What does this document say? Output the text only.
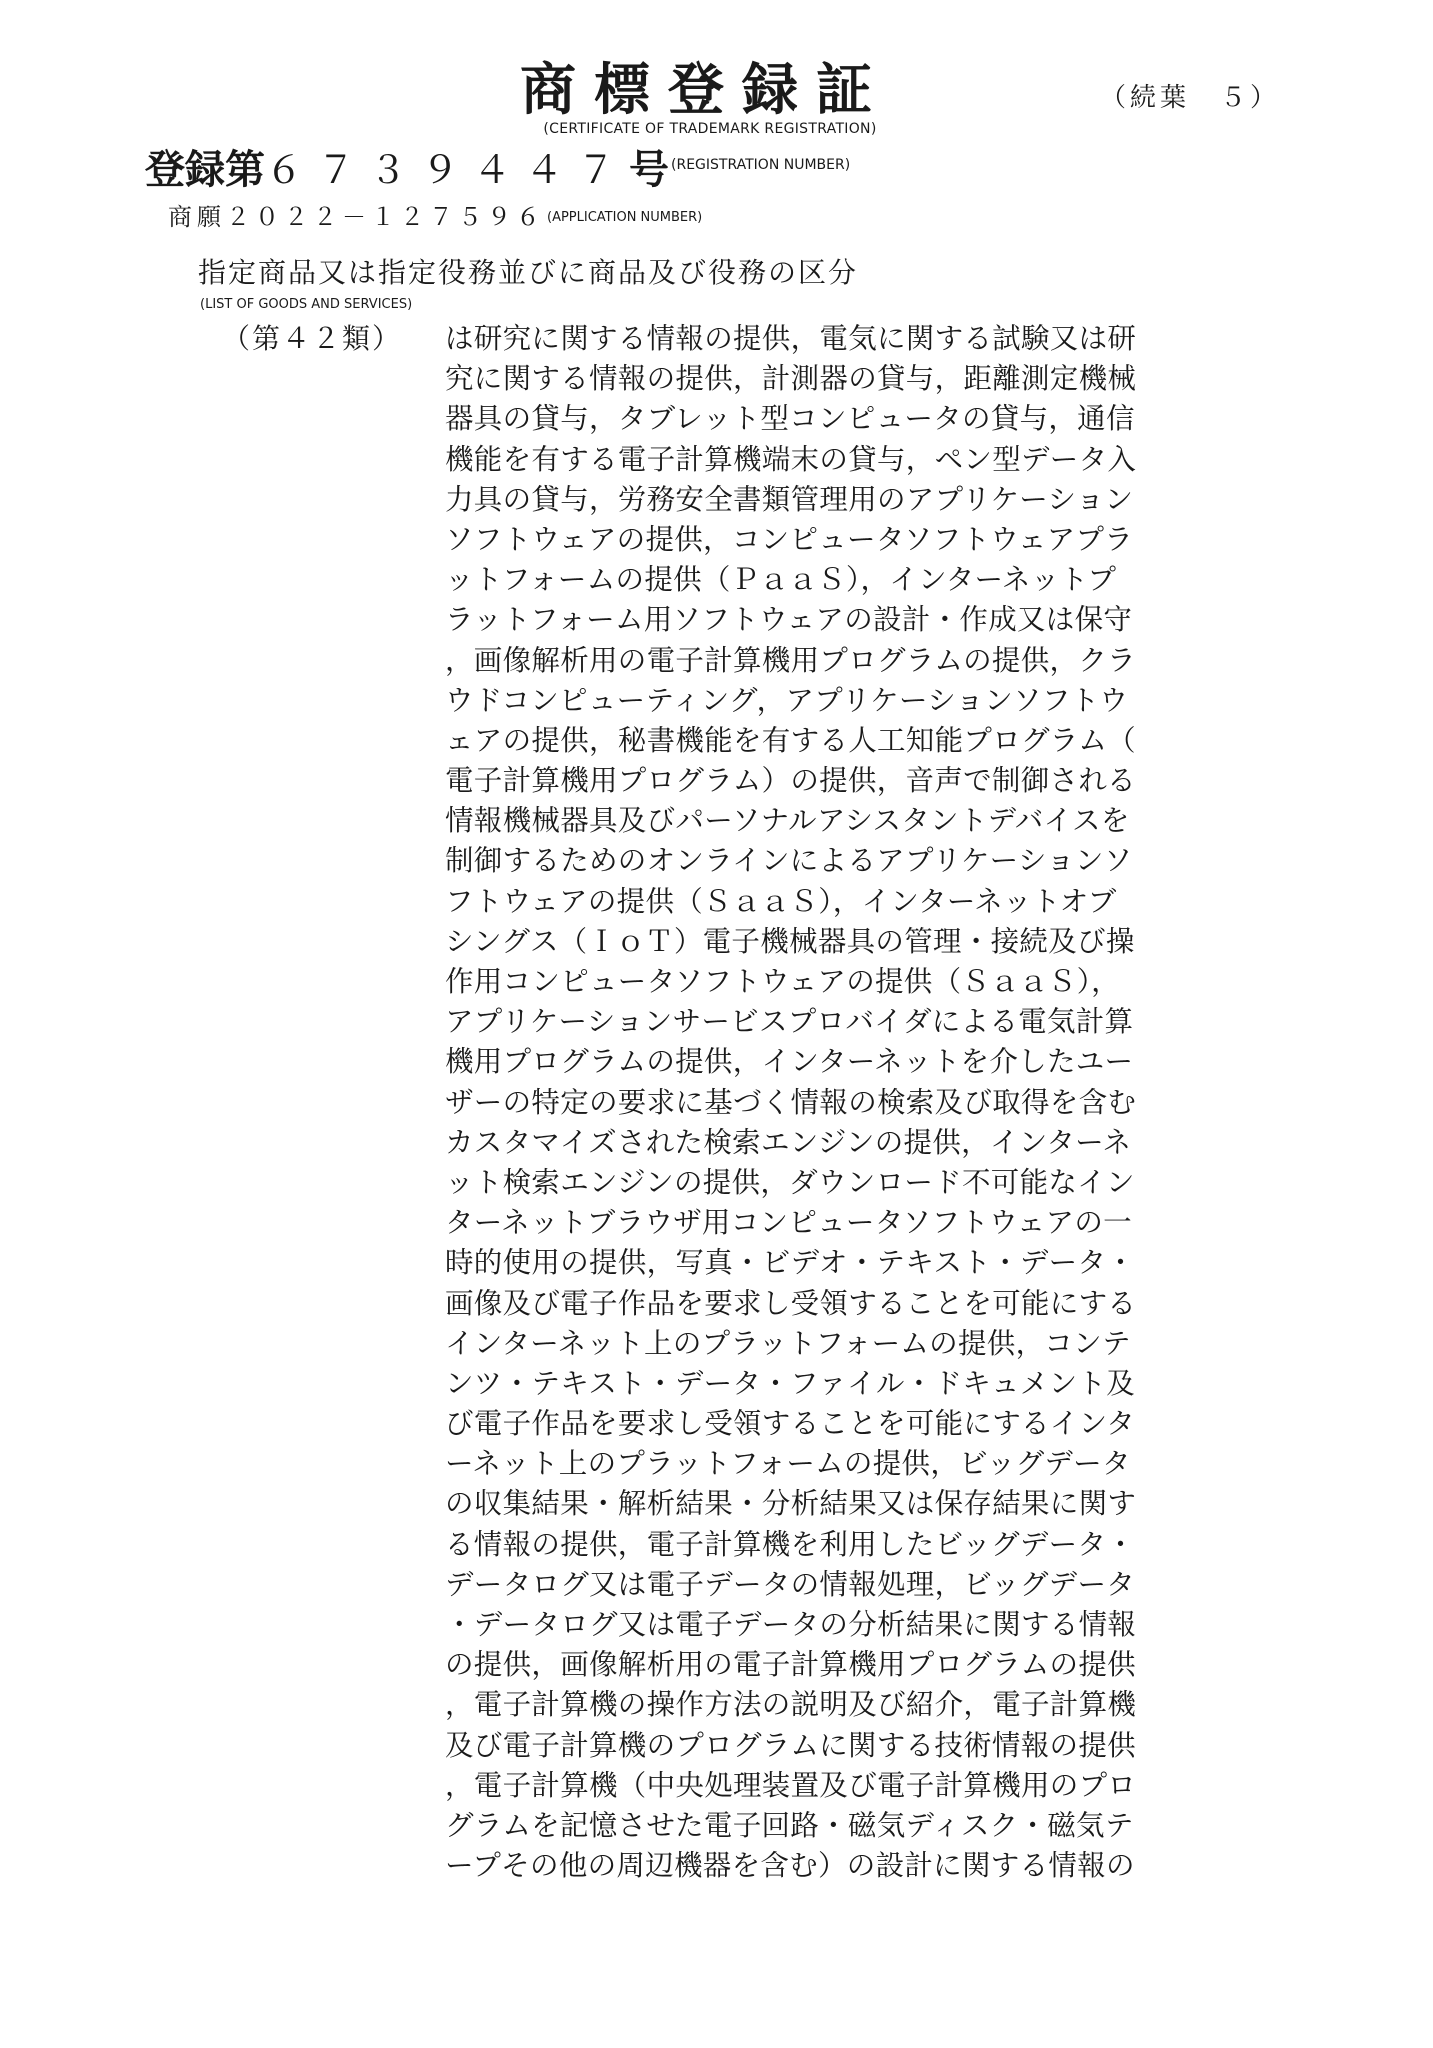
商標登録証
(CERTIFICATE OF TRADEMARK REGISTRATION)
（続葉　５）
登録第６７３９４４７号 (REGISTRATION NUMBER)
商願２０２２－１２７５９６ $^{(APPLICATION NUMBER)}$
指定商品又は指定役務並びに商品及び役務の区分
(LIST OF GOODS AND SERVICES)
（第４２類） は研究に関する情報の提供，電気に関する試験又は研
究に関する情報の提供，計測器の貸与，距離測定機械
器具の貸与，タブレット型コンピュータの貸与，通信
機能を有する電子計算機端末の貸与，ペン型データ入
力具の貸与，労務安全書類管理用のアプリケーション
ソフトウェアの提供，コンピュータソフトウェアプラ
ットフォームの提供（ＰａａＳ），インターネットプ
ラットフォーム用ソフトウェアの設計・作成又は保守
，画像解析用の電子計算機用プログラムの提供，クラ
ウドコンピューティング，アプリケーションソフトウ
ェアの提供，秘書機能を有する人工知能プログラム（
電子計算機用プログラム）の提供，音声で制御される
情報機械器具及びパーソナルアシスタントデバイスを
制御するためのオンラインによるアプリケーションソ
フトウェアの提供（ＳａａＳ），インターネットオブ
シングス（ＩｏＴ）電子機械器具の管理・接続及び操
作用コンピュータソフトウェアの提供（ＳａａＳ），
アプリケーションサービスプロバイダによる電気計算
機用プログラムの提供，インターネットを介したユー
ザーの特定の要求に基づく情報の検索及び取得を含む
カスタマイズされた検索エンジンの提供，インターネ
ット検索エンジンの提供，ダウンロード不可能なイン
ターネットブラウザ用コンピュータソフトウェアの一
時的使用の提供，写真・ビデオ・テキスト・データ・
画像及び電子作品を要求し受領することを可能にする
インターネット上のプラットフォームの提供，コンテ
ンツ・テキスト・データ・ファイル・ドキュメント及
び電子作品を要求し受領することを可能にするインタ
ーネット上のプラットフォームの提供，ビッグデータ
の収集結果・解析結果・分析結果又は保存結果に関す
る情報の提供，電子計算機を利用したビッグデータ・
データログ又は電子データの情報処理，ビッグデータ
・データログ又は電子データの分析結果に関する情報
の提供，画像解析用の電子計算機用プログラムの提供
，電子計算機の操作方法の説明及び紹介，電子計算機
及び電子計算機のプログラムに関する技術情報の提供
，電子計算機（中央処理装置及び電子計算機用のプロ
グラムを記憶させた電子回路・磁気ディスク・磁気テ
ープその他の周辺機器を含む）の設計に関する情報の
